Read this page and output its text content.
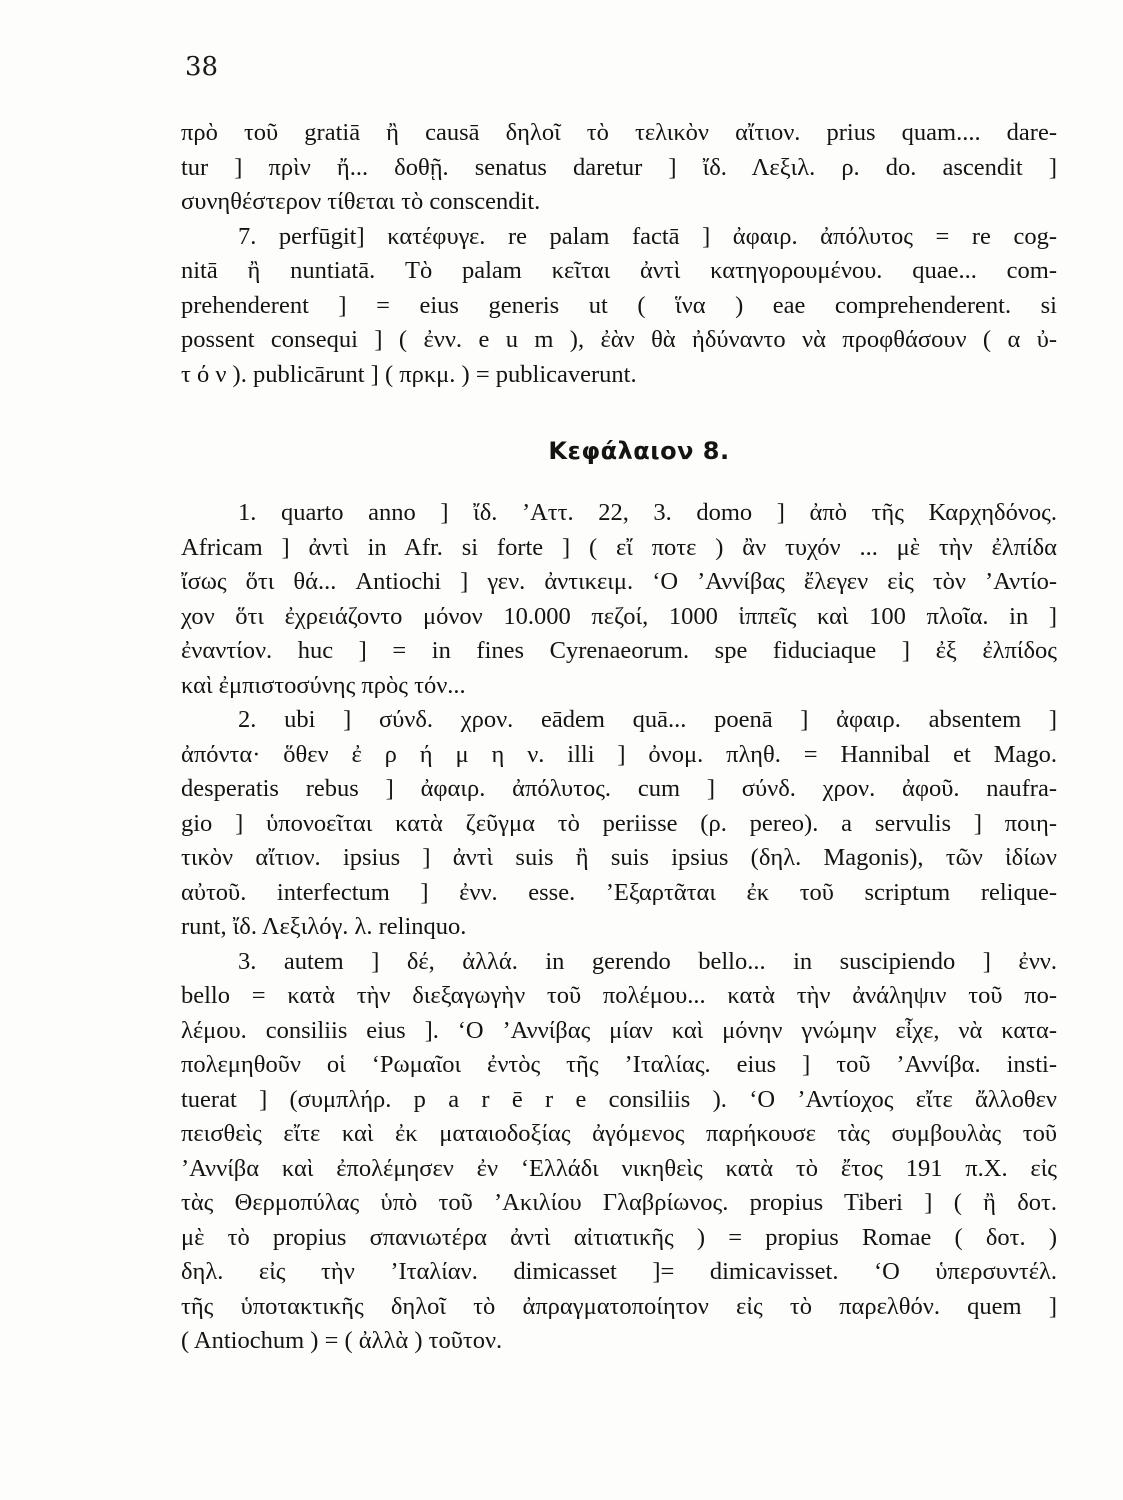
38
πρὸ τοῦ gratiā ἢ causā δηλοῖ τὸ τελικὸν αἴτιον. prius quam.... dare-
tur ] πρὶν ἤ... δοθῇ. senatus daretur ] ἴδ. Λεξιλ. ρ. do. ascendit ]
συνηθέστερον τίθεται τὸ conscendit.
7. perfūgit] κατέφυγε. re palam factā ] ἀφαιρ. ἀπόλυτος = re cog-
nitā ἢ nuntiatā. Τὸ palam κεῖται ἀντὶ κατηγορουμένου. quae... com-
prehenderent ] = eius generis ut ( ἵνα ) eae comprehenderent. si
possent consequi ] ( ἐνν. e u m ), ἐὰν θὰ ἠδύναντο νὰ προφθάσουν ( α ὐ-
τ ό ν ). publicārunt ] ( πρκμ. ) = publicaverunt.
Κεφάλαιον 8.
1. quarto anno ] ἴδ. ’Αττ. 22, 3. domo ] ἀπὸ τῆς Καρχηδόνος.
Africam ] ἀντὶ in Afr. si forte ] ( εἴ ποτε ) ἂν τυχόν ... μὲ τὴν ἐλπίδα
ἴσως ὅτι θά... Antiochi ] γεν. ἀντικειμ. ‘Ο ’Αννίβας ἔλεγεν εἰς τὸν ’Αντίο-
χον ὅτι ἐχρειάζοντο μόνον 10.000 πεζοί, 1000 ἱππεῖς καὶ 100 πλοῖα. in ]
ἐναντίον. huc ] = in fines Cyrenaeorum. spe fiduciaque ] ἐξ ἐλπίδος
καὶ ἐμπιστοσύνης πρὸς τόν...
2. ubi ] σύνδ. χρον. eādem quā... poenā ] ἀφαιρ. absentem ]
ἀπόντα· ὅθεν ἐ ρ ή μ η ν. illi ] ὀνομ. πληθ. = Hannibal et Mago.
desperatis rebus ] ἀφαιρ. ἀπόλυτος. cum ] σύνδ. χρον. ἀφοῦ. naufra-
gio ] ὑπονοεῖται κατὰ ζεῦγμα τὸ periisse (ρ. pereo). a servulis ] ποιη-
τικὸν αἴτιον. ipsius ] ἀντὶ suis ἢ suis ipsius (δηλ. Magonis), τῶν ἰδίων
αὐτοῦ. interfectum ] ἐνν. esse. ’Εξαρτᾶται ἐκ τοῦ scriptum reliquе-
runt, ἴδ. Λεξιλόγ. λ. relinquo.
3. autem ] δέ, ἀλλά. in gerendo bello... in suscipiendo ] ἐνν.
bello = κατὰ τὴν διεξαγωγὴν τοῦ πολέμου... κατὰ τὴν ἀνάληψιν τοῦ πο-
λέμου. consiliis eius ]. ‘Ο ’Αννίβας μίαν καὶ μόνην γνώμην εἶχε, νὰ κατα-
πολεμηθοῦν οἱ ‘Ρωμαῖοι ἐντὸς τῆς ’Ιταλίας. eius ] τοῦ ’Αννίβα. insti-
tuerat ] (συμπλήρ. p a r ē r e consiliis ). ‘Ο ’Αντίοχος εἴτε ἄλλοθεν
πεισθεὶς εἴτε καὶ ἐκ ματαιοδοξίας ἀγόμενος παρήκουσε τὰς συμβουλὰς τοῦ
’Αννίβα καὶ ἐπολέμησεν ἐν ‘Ελλάδι νικηθεὶς κατὰ τὸ ἔτος 191 π.Χ. εἰς
τὰς Θερμοπύλας ὑπὸ τοῦ ’Ακιλίου Γλαβρίωνος. propius Tiberi ] ( ἢ δοτ.
μὲ τὸ propius σπανιωτέρα ἀντὶ αἰτιατικῆς ) = propius Romae ( δοτ. )
δηλ. εἰς τὴν ’Ιταλίαν. dimicasset ]= dimicavisset. ‘Ο ὑπερσυντέλ.
τῆς ὑποτακτικῆς δηλοῖ τὸ ἀπραγματοποίητον εἰς τὸ παρελθόν. quem ]
( Antiochum ) = ( ἀλλὰ ) τοῦτον.
